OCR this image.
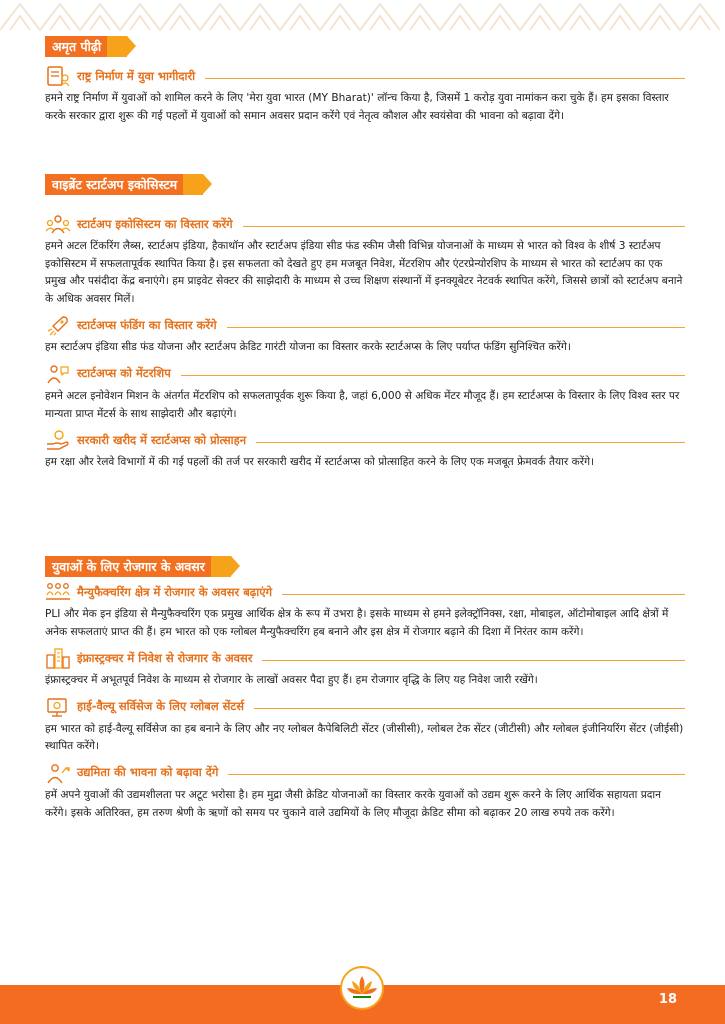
अमृत पीढ़ी
राष्ट्र निर्माण में युवा भागीदारी

हमने राष्ट्र निर्माण में युवाओं को शामिल करने के लिए 'मेरा युवा भारत (MY Bharat)' लॉन्च किया है, जिसमें 1 करोड़ युवा नामांकन करा चुके हैं। हम इसका विस्तार करके सरकार द्वारा शुरू की गई पहलों में युवाओं को समान अवसर प्रदान करेंगे एवं नेतृत्व कौशल और स्वयंसेवा की भावना को बढ़ावा देंगे।

वाइब्रेंट स्टार्टअप इकोसिस्टम
स्टार्टअप इकोसिस्टम का विस्तार करेंगे

हमने अटल टिंकरिंग लैब्स, स्टार्टअप इंडिया, हैकाथॉन और स्टार्टअप इंडिया सीड फंड स्कीम जैसी विभिन्न योजनाओं के माध्यम से भारत को विश्व के शीर्ष 3 स्टार्टअप इकोसिस्टम में सफलतापूर्वक स्थापित किया है। इस सफलता को देखते हुए हम मजबूत निवेश, मेंटरशिप और एंटरप्रेन्योरशिप के माध्यम से भारत को स्टार्टअप का एक प्रमुख और पसंदीदा केंद्र बनाएंगे। हम प्राइवेट सेक्टर की साझेदारी के माध्यम से उच्च शिक्षण संस्थानों में इनक्यूबेटर नेटवर्क स्थापित करेंगे, जिससे छात्रों को स्टार्टअप बनाने के अधिक अवसर मिलें।

स्टार्टअप्स फंडिंग का विस्तार करेंगे

हम स्टार्टअप इंडिया सीड फंड योजना और स्टार्टअप क्रेडिट गारंटी योजना का विस्तार करके स्टार्टअप्स के लिए पर्याप्त फंडिंग सुनिश्चित करेंगे।

स्टार्टअप्स को मेंटरशिप

हमने अटल इनोवेशन मिशन के अंतर्गत मेंटरशिप को सफलतापूर्वक शुरू किया है, जहां 6,000 से अधिक मेंटर मौजूद हैं। हम स्टार्टअप्स के विस्तार के लिए विश्व स्तर पर मान्यता प्राप्त मेंटर्स के साथ साझेदारी और बढ़ाएंगे।

सरकारी खरीद में स्टार्टअप्स को प्रोत्साहन

हम रक्षा और रेलवे विभागों में की गई पहलों की तर्ज पर सरकारी खरीद में स्टार्टअप्स को प्रोत्साहित करने के लिए एक मजबूत फ्रेमवर्क तैयार करेंगे।

युवाओं के लिए रोजगार के अवसर
मैन्युफैक्चरिंग क्षेत्र में रोजगार के अवसर बढ़ाएंगे

PLI और मेक इन इंडिया से मैन्युफैक्चरिंग एक प्रमुख आर्थिक क्षेत्र के रूप में उभरा है। इसके माध्यम से हमने इलेक्ट्रॉनिक्स, रक्षा, मोबाइल, ऑटोमोबाइल आदि क्षेत्रों में अनेक सफलताएं प्राप्त की हैं। हम भारत को एक ग्लोबल मैन्युफैक्चरिंग हब बनाने और इस क्षेत्र में रोजगार बढ़ाने की दिशा में निरंतर काम करेंगे।

इंफ्रास्ट्रक्चर में निवेश से रोजगार के अवसर

इंफ्रास्ट्रक्चर में अभूतपूर्व निवेश के माध्यम से रोजगार के लाखों अवसर पैदा हुए हैं। हम रोजगार वृद्धि के लिए यह निवेश जारी रखेंगे।

हाई-वैल्यू सर्विसेज के लिए ग्लोबल सेंटर्स

हम भारत को हाई-वैल्यू सर्विसेज का हब बनाने के लिए और नए ग्लोबल कैपेबिलिटी सेंटर (जीसीसी), ग्लोबल टेक सेंटर (जीटीसी) और ग्लोबल इंजीनियरिंग सेंटर (जीईसी) स्थापित करेंगे।

उद्यमिता की भावना को बढ़ावा देंगे

हमें अपने युवाओं की उद्यमशीलता पर अटूट भरोसा है। हम मुद्रा जैसी क्रेडिट योजनाओं का विस्तार करके युवाओं को उद्यम शुरू करने के लिए आर्थिक सहायता प्रदान करेंगे। इसके अतिरिक्त, हम तरुण श्रेणी के ऋणों को समय पर चुकाने वाले उद्यमियों के लिए मौजूदा क्रेडिट सीमा को बढ़ाकर 20 लाख रुपये तक करेंगे।

18
